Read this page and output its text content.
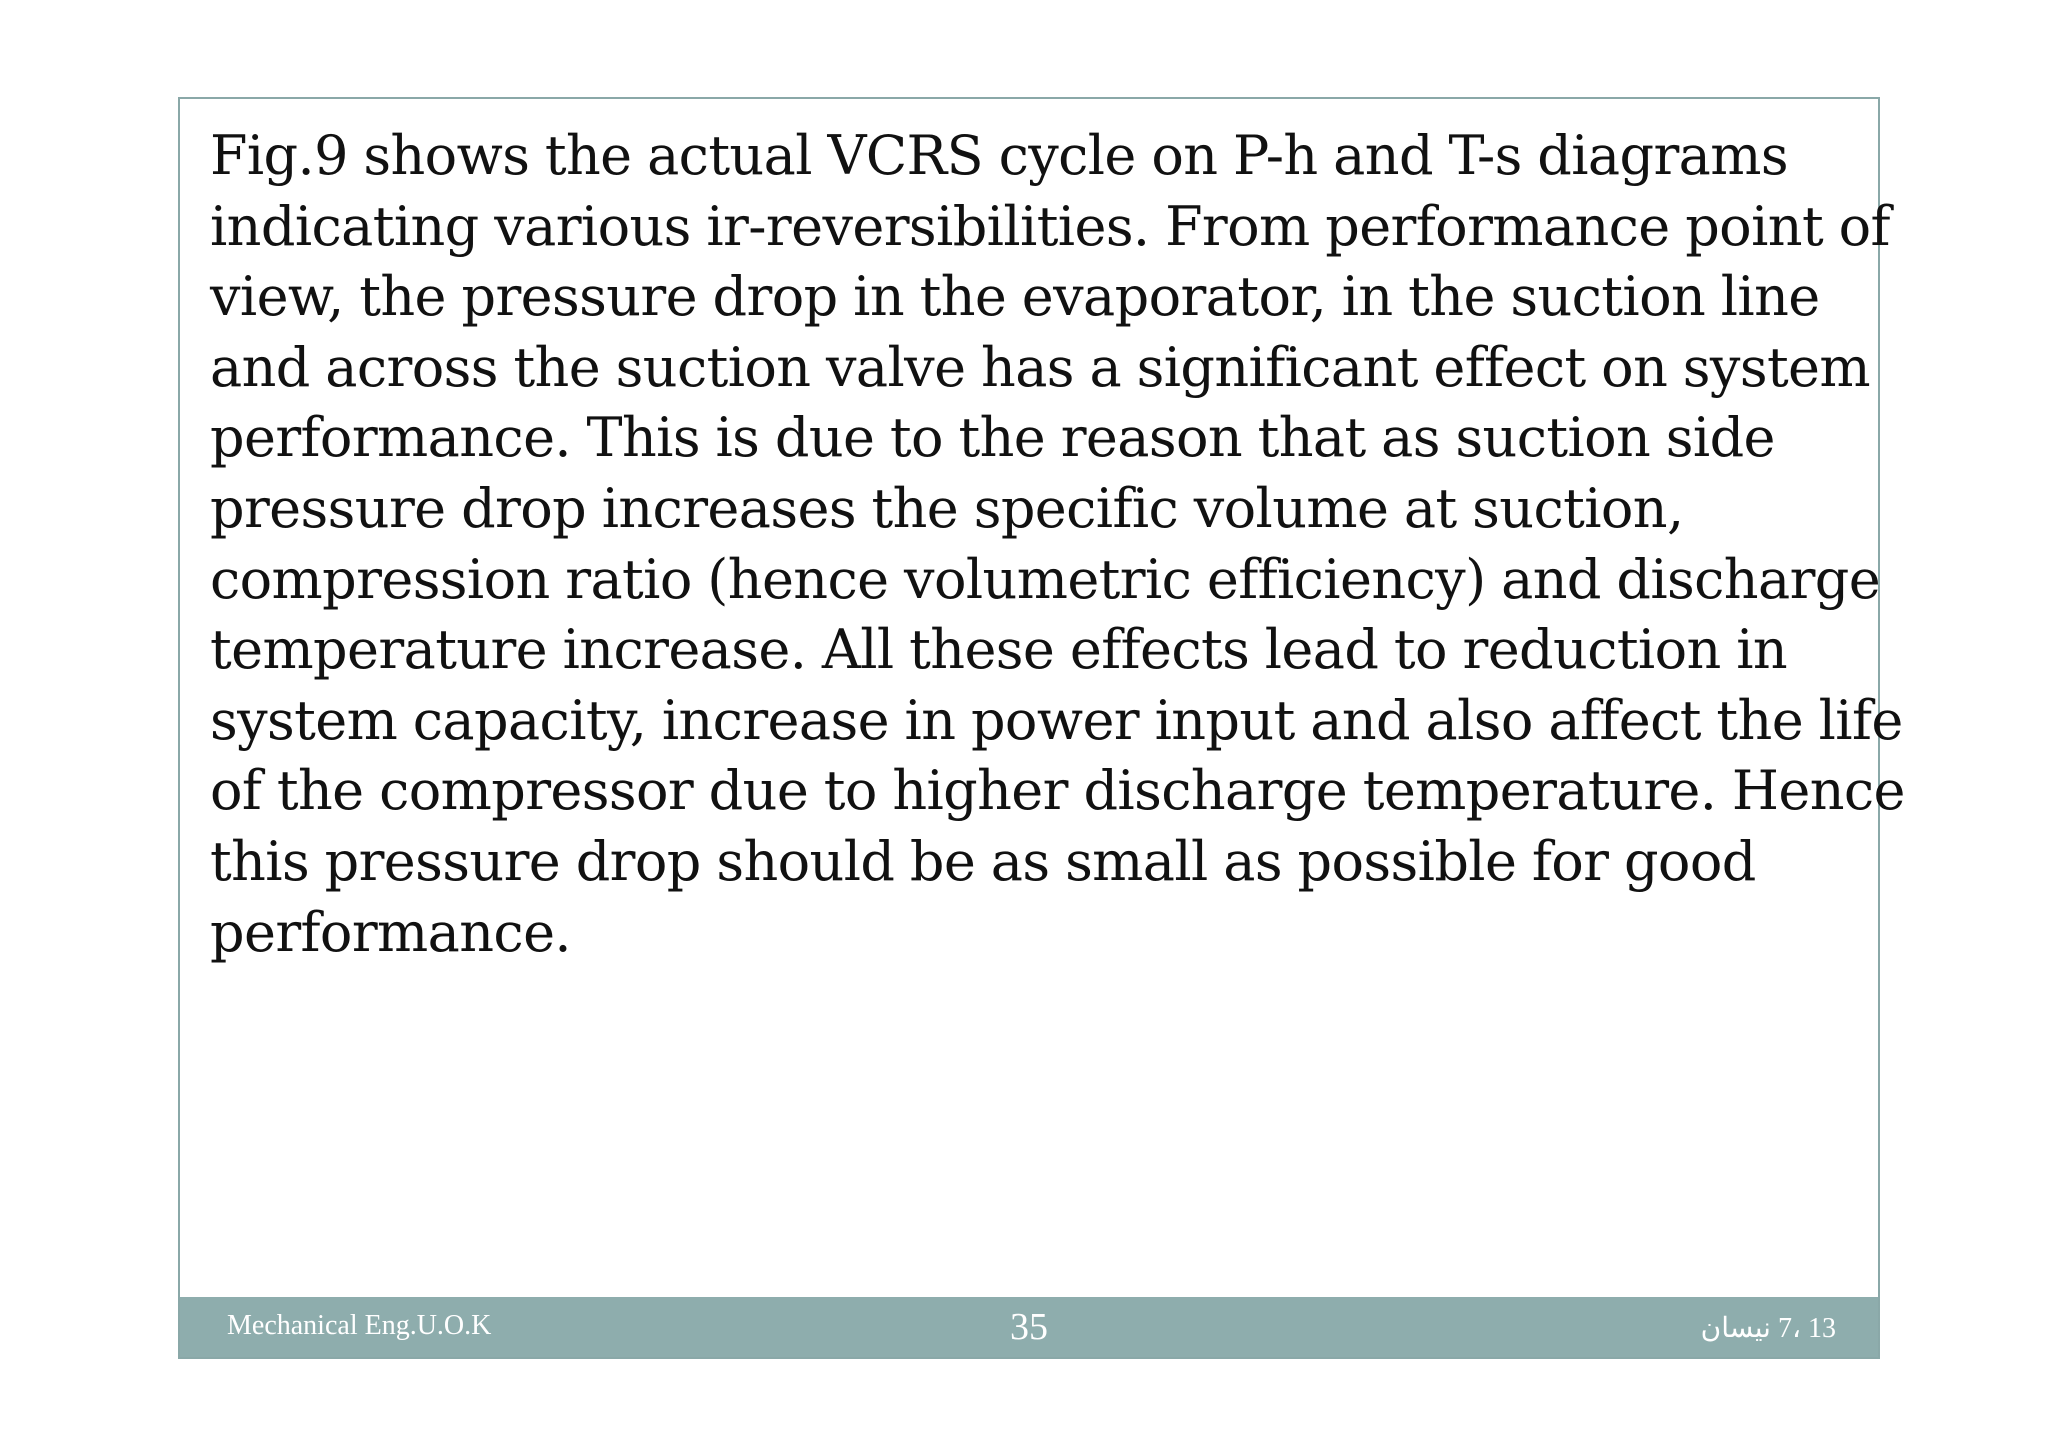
Fig.9 shows the actual VCRS cycle on P-h and T-s diagrams
indicating various ir-reversibilities. From performance point of
view, the pressure drop in the evaporator, in the suction line
and across the suction valve has a significant effect on system
performance. This is due to the reason that as suction side
pressure drop increases the specific volume at suction,
compression ratio (hence volumetric efficiency) and discharge
temperature increase. All these effects lead to reduction in
system capacity, increase in power input and also affect the life
of the compressor due to higher discharge temperature. Hence
this pressure drop should be as small as possible for good
performance.

Mechanical Eng.U.O.K	35	13 ،7 نيسان
